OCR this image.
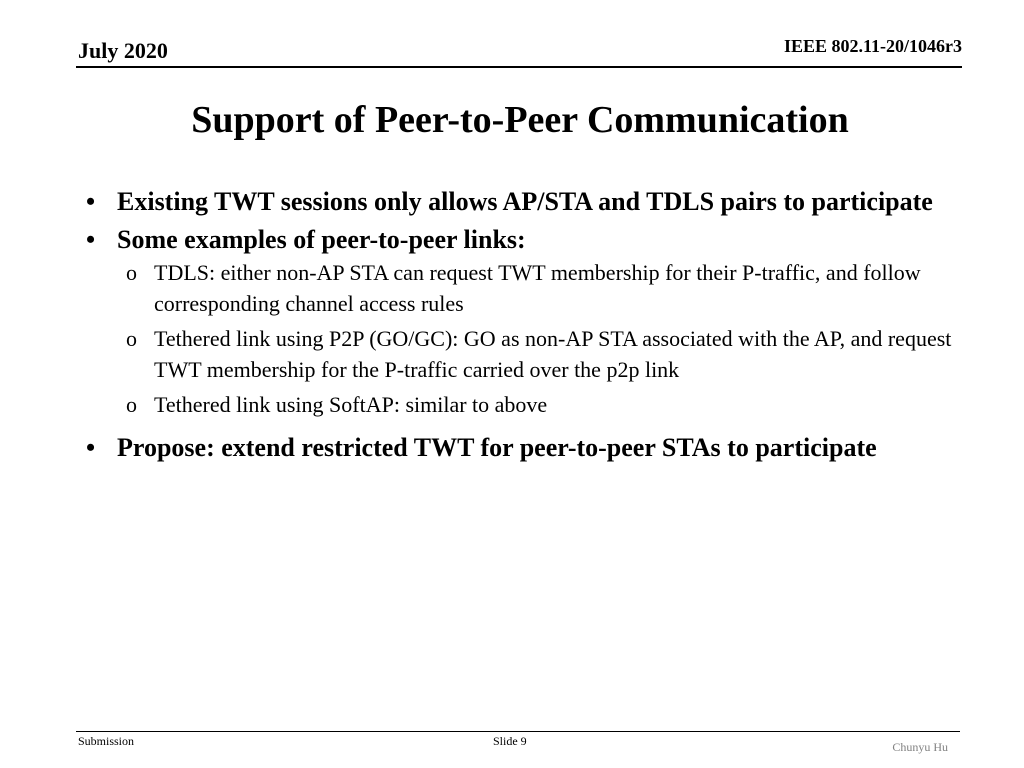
July 2020	IEEE 802.11-20/1046r3
Support of Peer-to-Peer Communication
• Existing TWT sessions only allows AP/STA and TDLS pairs to participate
• Some examples of peer-to-peer links:
o TDLS: either non-AP STA can request TWT membership for their P-traffic, and follow corresponding channel access rules
o Tethered link using P2P (GO/GC): GO as non-AP STA associated with the AP, and request TWT membership for the P-traffic carried over the p2p link
o Tethered link using SoftAP: similar to above
• Propose: extend restricted TWT for peer-to-peer STAs to participate
Submission	Slide 9	Chunyu Hu
